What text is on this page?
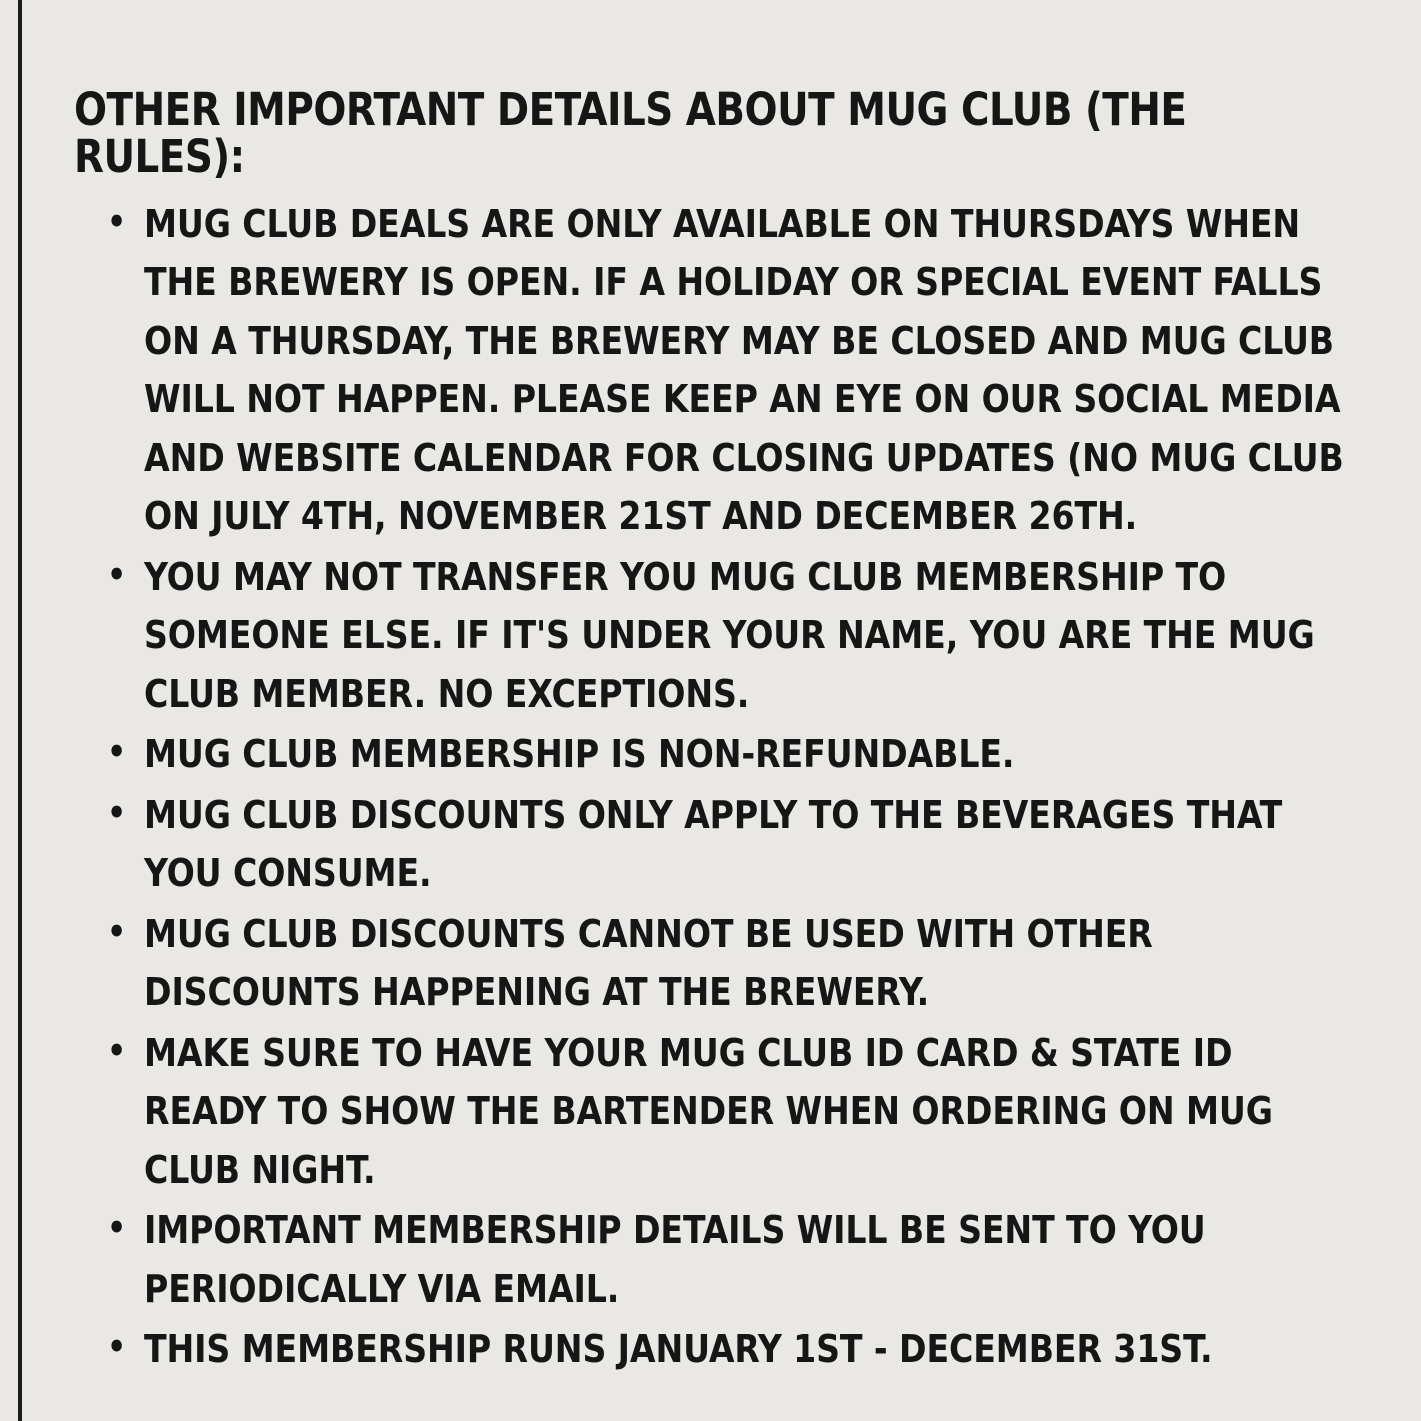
OTHER IMPORTANT DETAILS ABOUT MUG CLUB (THE RULES):
• MUG CLUB DEALS ARE ONLY AVAILABLE ON THURSDAYS WHEN THE BREWERY IS OPEN. IF A HOLIDAY OR SPECIAL EVENT FALLS ON A THURSDAY, THE BREWERY MAY BE CLOSED AND MUG CLUB WILL NOT HAPPEN. PLEASE KEEP AN EYE ON OUR SOCIAL MEDIA AND WEBSITE CALENDAR FOR CLOSING UPDATES (NO MUG CLUB ON JULY 4TH, NOVEMBER 21ST AND DECEMBER 26TH.
• YOU MAY NOT TRANSFER YOU MUG CLUB MEMBERSHIP TO SOMEONE ELSE. IF IT'S UNDER YOUR NAME, YOU ARE THE MUG CLUB MEMBER. NO EXCEPTIONS.
• MUG CLUB MEMBERSHIP IS NON-REFUNDABLE.
• MUG CLUB DISCOUNTS ONLY APPLY TO THE BEVERAGES THAT YOU CONSUME.
• MUG CLUB DISCOUNTS CANNOT BE USED WITH OTHER DISCOUNTS HAPPENING AT THE BREWERY.
• MAKE SURE TO HAVE YOUR MUG CLUB ID CARD & STATE ID READY TO SHOW THE BARTENDER WHEN ORDERING ON MUG CLUB NIGHT.
• IMPORTANT MEMBERSHIP DETAILS WILL BE SENT TO YOU PERIODICALLY VIA EMAIL.
• THIS MEMBERSHIP RUNS JANUARY 1ST - DECEMBER 31ST.
